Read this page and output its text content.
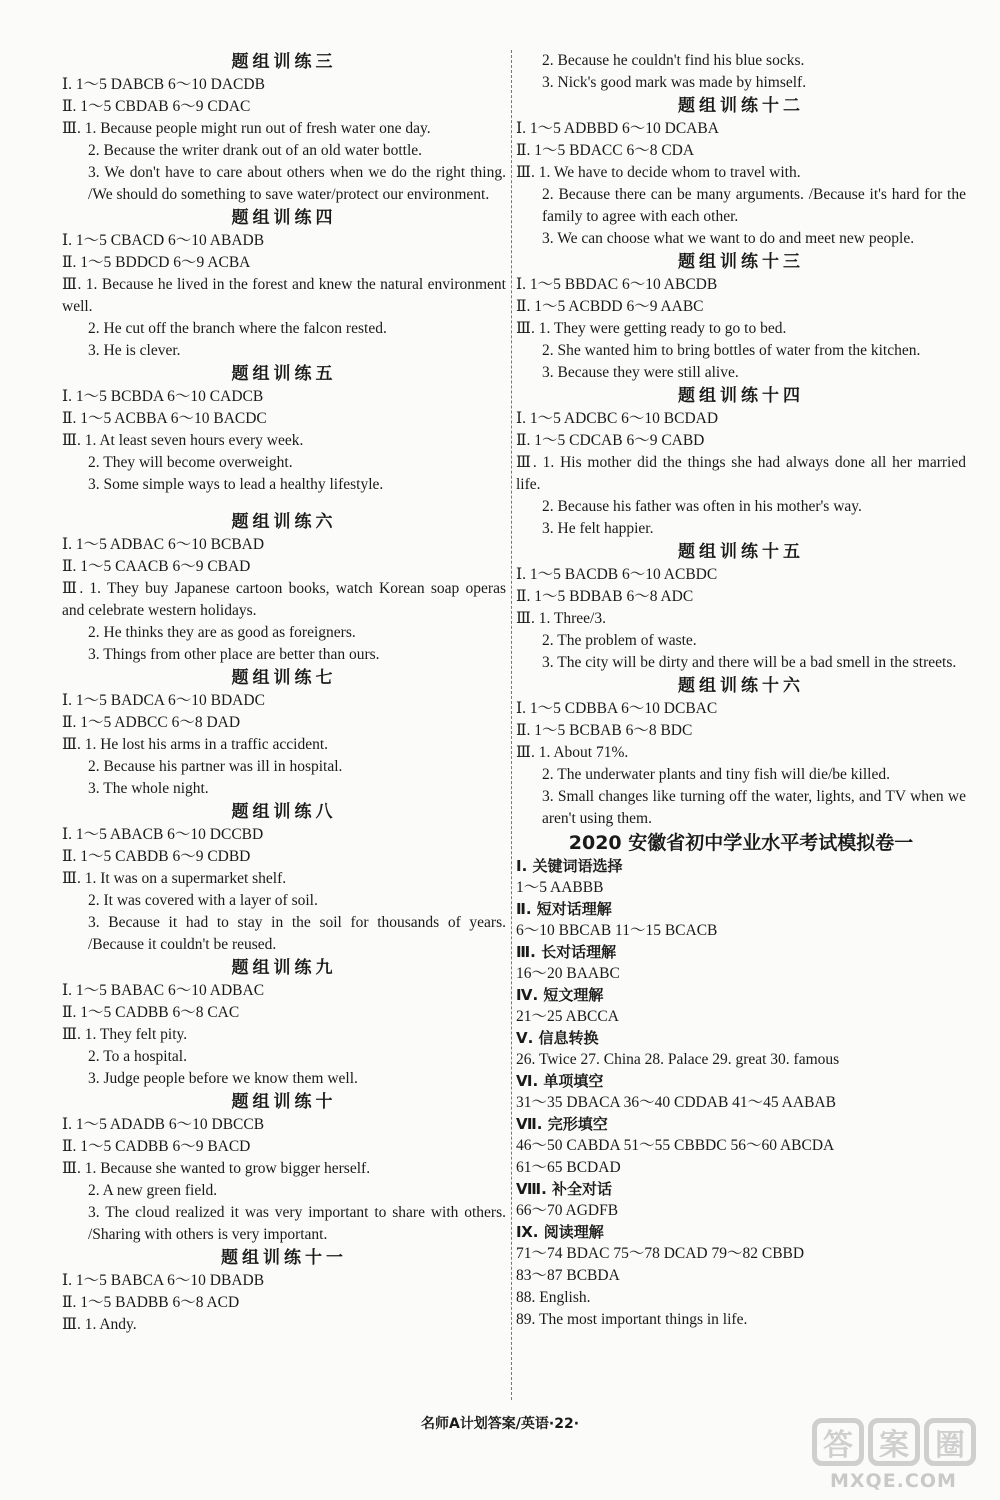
题组训练三
Ⅰ. 1～5 DABCB 6～10 DACDB
Ⅱ. 1～5 CBDAB 6～9 CDAC
Ⅲ. 1. Because people might run out of fresh water one day.
2. Because the writer drank out of an old water bottle.
3. We don't have to care about others when we do the right thing. /We should do something to save water/protect our environment.
题组训练四
Ⅰ. 1～5 CBACD 6～10 ABADB
Ⅱ. 1～5 BDDCD 6～9 ACBA
Ⅲ. 1. Because he lived in the forest and knew the natural environment well.
2. He cut off the branch where the falcon rested.
3. He is clever.
题组训练五
Ⅰ. 1～5 BCBDA 6～10 CADCB
Ⅱ. 1～5 ACBBA 6～10 BACDC
Ⅲ. 1. At least seven hours every week.
2. They will become overweight.
3. Some simple ways to lead a healthy lifestyle.
题组训练六
Ⅰ. 1～5 ADBAC 6～10 BCBAD
Ⅱ. 1～5 CAACB 6～9 CBAD
Ⅲ. 1. They buy Japanese cartoon books, watch Korean soap operas and celebrate western holidays.
2. He thinks they are as good as foreigners.
3. Things from other place are better than ours.
题组训练七
Ⅰ. 1～5 BADCA 6～10 BDADC
Ⅱ. 1～5 ADBCC 6～8 DAD
Ⅲ. 1. He lost his arms in a traffic accident.
2. Because his partner was ill in hospital.
3. The whole night.
题组训练八
Ⅰ. 1～5 ABACB 6～10 DCCBD
Ⅱ. 1～5 CABDB 6～9 CDBD
Ⅲ. 1. It was on a supermarket shelf.
2. It was covered with a layer of soil.
3. Because it had to stay in the soil for thousands of years. /Because it couldn't be reused.
题组训练九
Ⅰ. 1～5 BABAC 6～10 ADBAC
Ⅱ. 1～5 CADBB 6～8 CAC
Ⅲ. 1. They felt pity.
2. To a hospital.
3. Judge people before we know them well.
题组训练十
Ⅰ. 1～5 ADADB 6～10 DBCCB
Ⅱ. 1～5 CADBB 6～9 BACD
Ⅲ. 1. Because she wanted to grow bigger herself.
2. A new green field.
3. The cloud realized it was very important to share with others. /Sharing with others is very important.
题组训练十一
Ⅰ. 1～5 BABCA 6～10 DBADB
Ⅱ. 1～5 BADBB 6～8 ACD
Ⅲ. 1. Andy.
2. Because he couldn't find his blue socks.
3. Nick's good mark was made by himself.
题组训练十二
Ⅰ. 1～5 ADBBD 6～10 DCABA
Ⅱ. 1～5 BDACC 6～8 CDA
Ⅲ. 1. We have to decide whom to travel with.
2. Because there can be many arguments. /Because it's hard for the family to agree with each other.
3. We can choose what we want to do and meet new people.
题组训练十三
Ⅰ. 1～5 BBDAC 6～10 ABCDB
Ⅱ. 1～5 ACBDD 6～9 AABC
Ⅲ. 1. They were getting ready to go to bed.
2. She wanted him to bring bottles of water from the kitchen.
3. Because they were still alive.
题组训练十四
Ⅰ. 1～5 ADCBC 6～10 BCDAD
Ⅱ. 1～5 CDCAB 6～9 CABD
Ⅲ. 1. His mother did the things she had always done all her married life.
2. Because his father was often in his mother's way.
3. He felt happier.
题组训练十五
Ⅰ. 1～5 BACDB 6～10 ACBDC
Ⅱ. 1～5 BDBAB 6～8 ADC
Ⅲ. 1. Three/3.
2. The problem of waste.
3. The city will be dirty and there will be a bad smell in the streets.
题组训练十六
Ⅰ. 1～5 CDBBA 6～10 DCBAC
Ⅱ. 1～5 BCBAB 6～8 BDC
Ⅲ. 1. About 71%.
2. The underwater plants and tiny fish will die/be killed.
3. Small changes like turning off the water, lights, and TV when we aren't using them.
2020 安徽省初中学业水平考试模拟卷一
Ⅰ. 关键词语选择
1～5 AABBB
Ⅱ. 短对话理解
6～10 BBCAB 11～15 BCACB
Ⅲ. 长对话理解
16～20 BAABC
Ⅳ. 短文理解
21～25 ABCCA
Ⅴ. 信息转换
26. Twice 27. China 28. Palace 29. great 30. famous
Ⅵ. 单项填空
31～35 DBACA 36～40 CDDAB 41～45 AABAB
Ⅶ. 完形填空
46～50 CABDA 51～55 CBBDC 56～60 ABCDA
61～65 BCDAD
Ⅷ. 补全对话
66～70 AGDFB
Ⅸ. 阅读理解
71～74 BDAC 75～78 DCAD 79～82 CBBD
83～87 BCBDA
88. English.
89. The most important things in life.
名师A计划答案/英语·22·
答 案 圈
MXQE.COM
